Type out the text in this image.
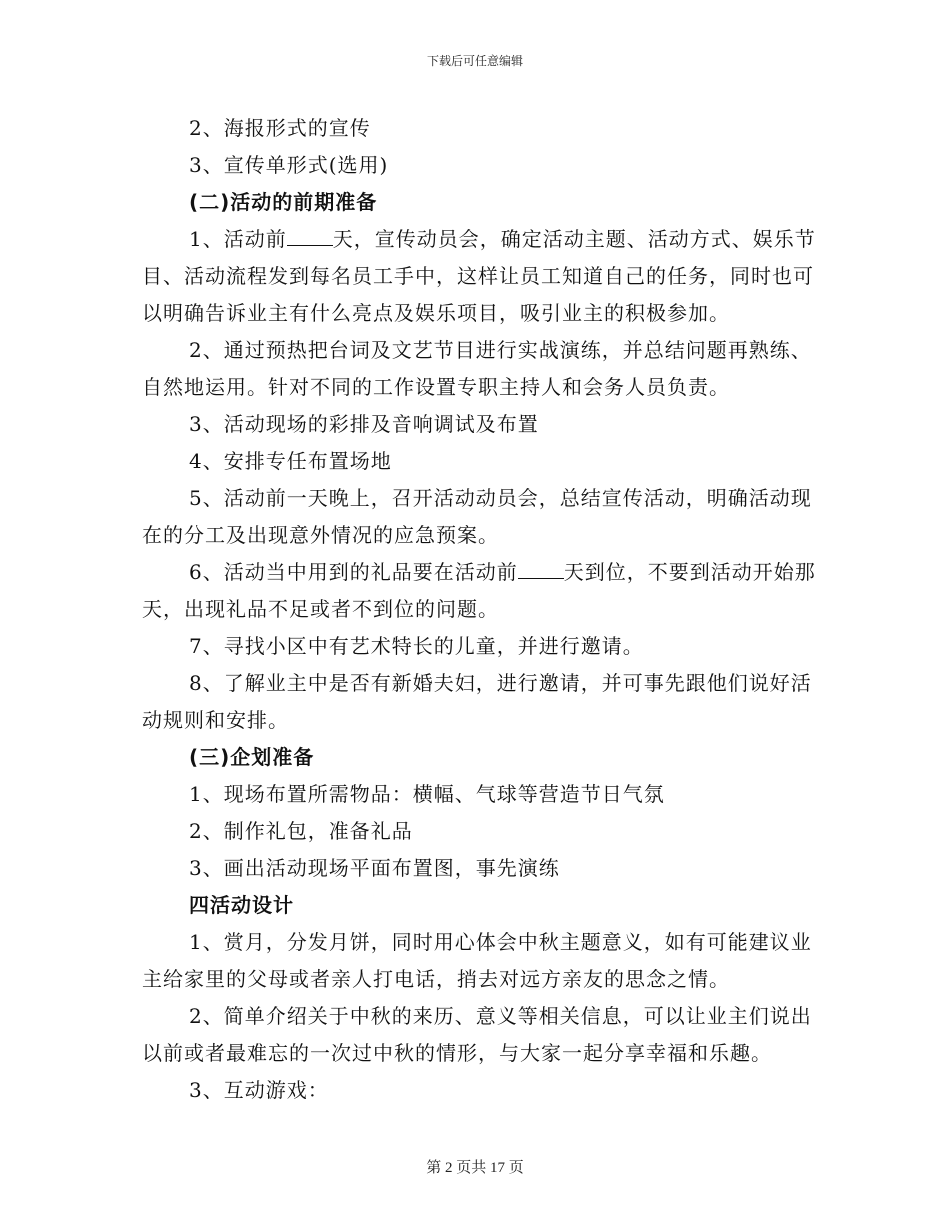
下载后可任意编辑

2、海报形式的宣传

3、宣传单形式(选用)

(二)活动的前期准备

1、活动前 天，宣传动员会，确定活动主题、活动方式、娱乐节目、活动流程发到每名员工手中，这样让员工知道自己的任务，同时也可以明确告诉业主有什么亮点及娱乐项目，吸引业主的积极参加。

2、通过预热把台词及文艺节目进行实战演练，并总结问题再熟练、自然地运用。针对不同的工作设置专职主持人和会务人员负责。

3、活动现场的彩排及音响调试及布置

4、安排专任布置场地

5、活动前一天晚上，召开活动动员会，总结宣传活动，明确活动现在的分工及出现意外情况的应急预案。

6、活动当中用到的礼品要在活动前 天到位，不要到活动开始那天，出现礼品不足或者不到位的问题。

7、寻找小区中有艺术特长的儿童，并进行邀请。

8、了解业主中是否有新婚夫妇，进行邀请，并可事先跟他们说好活动规则和安排。

(三)企划准备

1、现场布置所需物品：横幅、气球等营造节日气氛

2、制作礼包，准备礼品

3、画出活动现场平面布置图，事先演练

四活动设计

1、赏月，分发月饼，同时用心体会中秋主题意义，如有可能建议业主给家里的父母或者亲人打电话，捎去对远方亲友的思念之情。

2、简单介绍关于中秋的来历、意义等相关信息，可以让业主们说出以前或者最难忘的一次过中秋的情形，与大家一起分享幸福和乐趣。

3、互动游戏：

第 2 页共 17 页
